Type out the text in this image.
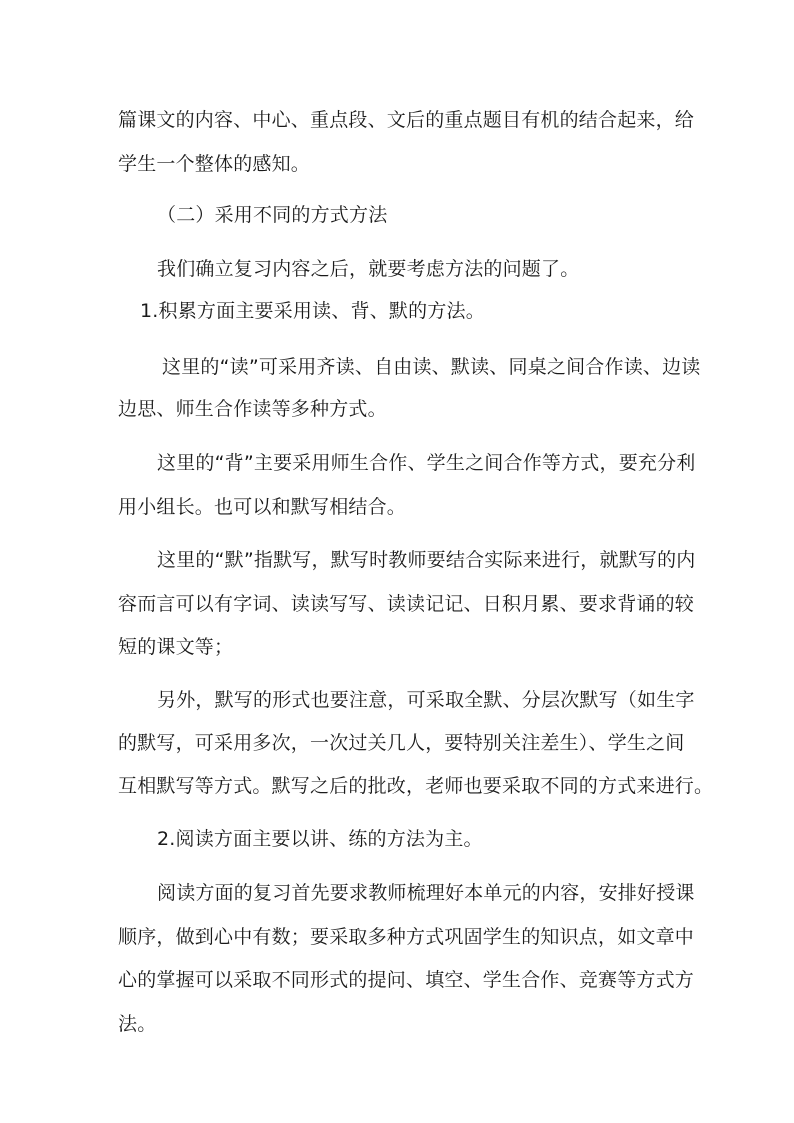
篇课文的内容、中心、重点段、文后的重点题目有机的结合起来，给
学生一个整体的感知。
（二）采用不同的方式方法
我们确立复习内容之后，就要考虑方法的问题了。
1.积累方面主要采用读、背、默的方法。
这里的“读”可采用齐读、自由读、默读、同桌之间合作读、边读
边思、师生合作读等多种方式。
这里的“背”主要采用师生合作、学生之间合作等方式，要充分利
用小组长。也可以和默写相结合。
这里的“默”指默写，默写时教师要结合实际来进行，就默写的内
容而言可以有字词、读读写写、读读记记、日积月累、要求背诵的较
短的课文等；
另外，默写的形式也要注意，可采取全默、分层次默写（如生字
的默写，可采用多次，一次过关几人，要特别关注差生）、学生之间
互相默写等方式。默写之后的批改，老师也要采取不同的方式来进行。
2.阅读方面主要以讲、练的方法为主。
阅读方面的复习首先要求教师梳理好本单元的内容，安排好授课
顺序，做到心中有数；要采取多种方式巩固学生的知识点，如文章中
心的掌握可以采取不同形式的提问、填空、学生合作、竞赛等方式方
法。
